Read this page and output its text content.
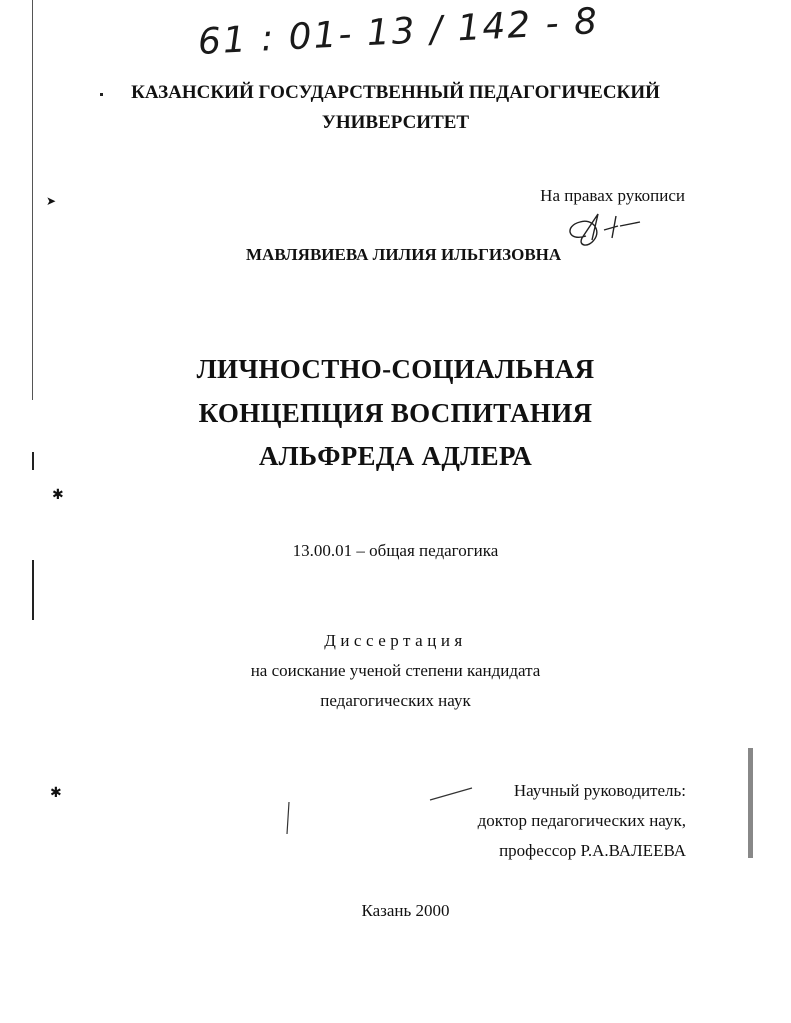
➤
✱
✱
61 : 01- 13 / 142 - 8
КАЗАНСКИЙ ГОСУДАРСТВЕННЫЙ ПЕДАГОГИЧЕСКИЙ
УНИВЕРСИТЕТ
На правах рукописи
МАВЛЯВИЕВА ЛИЛИЯ ИЛЬГИЗОВНА
ЛИЧНОСТНО-СОЦИАЛЬНАЯ
КОНЦЕПЦИЯ ВОСПИТАНИЯ
АЛЬФРЕДА АДЛЕРА
13.00.01 – общая педагогика
Диссертация
на соискание ученой степени кандидата
педагогических наук
Научный руководитель:
доктор педагогических наук,
профессор Р.А.ВАЛЕЕВА
Казань 2000
